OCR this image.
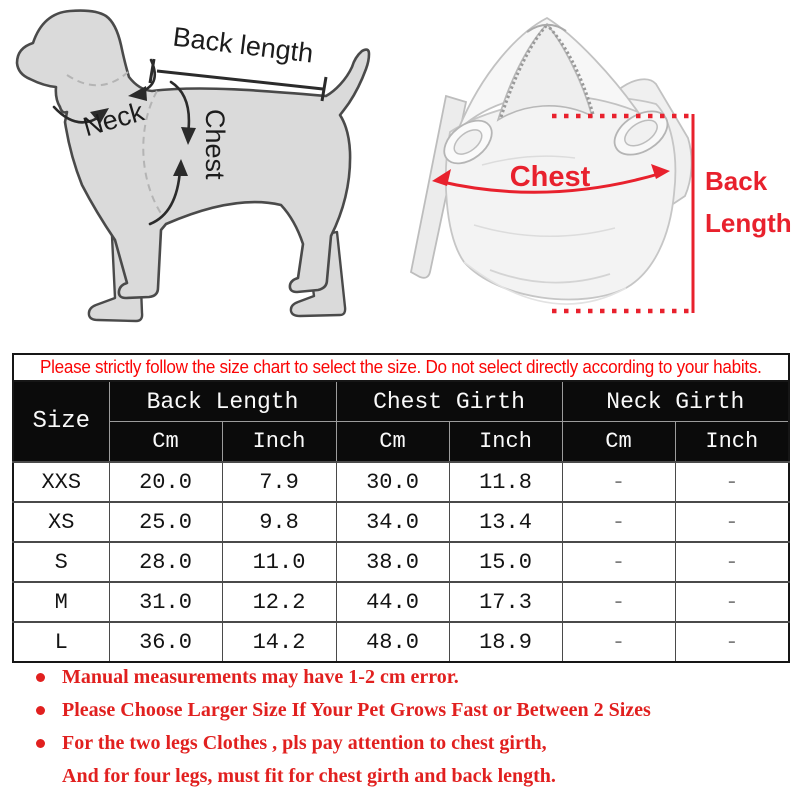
Back length
Neck Chest	Chest	Back
Length
Please strictly follow the size chart to select the size. Do not select directly according to your habits.						
Size	Back Length		Chest Girth		Neck Girth	
	Cm	Inch	Cm	Inch	Cm	Inch
XXS	20.0	7.9	30.0	11.8	-	-
XS	25.0	9.8	34.0	13.4	-	-
S	28.0	11.0	38.0	15.0	-	-
M	31.0	12.2	44.0	17.3	-	-
L	36.0	14.2	48.0	18.9	-	-
Manual measurements may have 1-2 cm error.
Please Choose Larger Size If Your Pet Grows Fast or Between 2 Sizes
For the two legs Clothes , pls pay attention to chest girth,
And for four legs, must fit for chest girth and back length.
